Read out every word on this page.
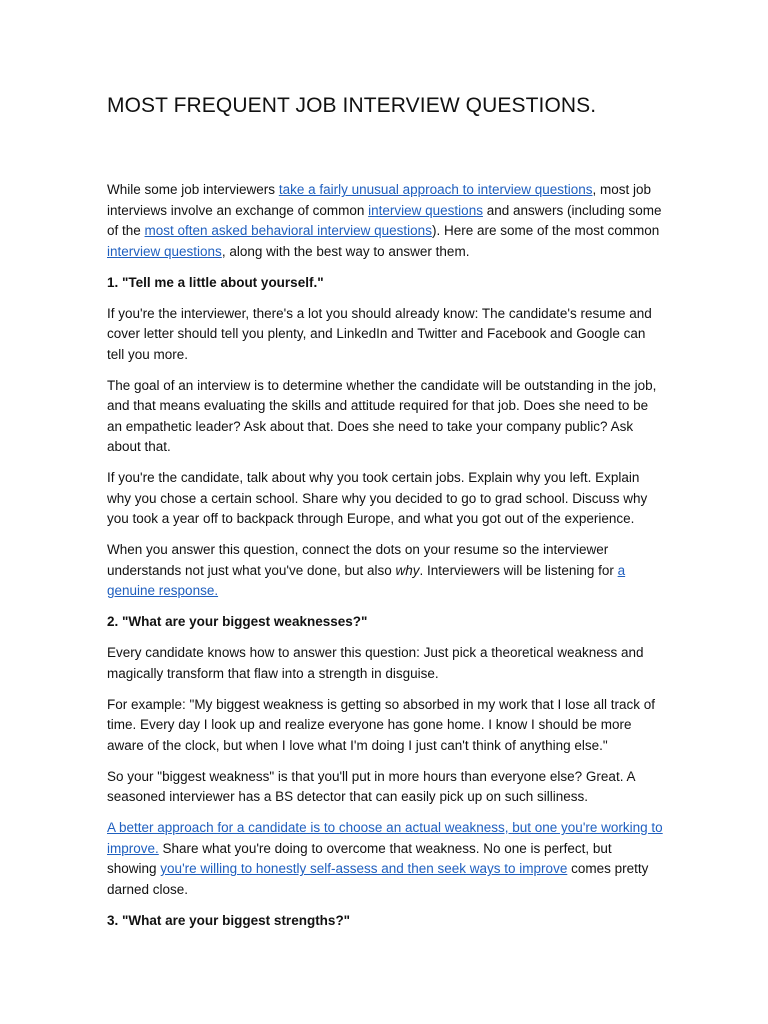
MOST FREQUENT JOB INTERVIEW QUESTIONS.

While some job interviewers take a fairly unusual approach to interview questions, most job interviews involve an exchange of common interview questions and answers (including some of the most often asked behavioral interview questions). Here are some of the most common interview questions, along with the best way to answer them.

1. "Tell me a little about yourself."

If you're the interviewer, there's a lot you should already know: The candidate's resume and cover letter should tell you plenty, and LinkedIn and Twitter and Facebook and Google can tell you more.

The goal of an interview is to determine whether the candidate will be outstanding in the job, and that means evaluating the skills and attitude required for that job. Does she need to be an empathetic leader? Ask about that. Does she need to take your company public? Ask about that.

If you're the candidate, talk about why you took certain jobs. Explain why you left. Explain why you chose a certain school. Share why you decided to go to grad school. Discuss why you took a year off to backpack through Europe, and what you got out of the experience.

When you answer this question, connect the dots on your resume so the interviewer understands not just what you've done, but also why. Interviewers will be listening for a genuine response.

2. "What are your biggest weaknesses?"

Every candidate knows how to answer this question: Just pick a theoretical weakness and magically transform that flaw into a strength in disguise.

For example: "My biggest weakness is getting so absorbed in my work that I lose all track of time. Every day I look up and realize everyone has gone home. I know I should be more aware of the clock, but when I love what I'm doing I just can't think of anything else."

So your "biggest weakness" is that you'll put in more hours than everyone else? Great. A seasoned interviewer has a BS detector that can easily pick up on such silliness.

A better approach for a candidate is to choose an actual weakness, but one you're working to improve. Share what you're doing to overcome that weakness. No one is perfect, but showing you're willing to honestly self-assess and then seek ways to improve comes pretty darned close.

3. "What are your biggest strengths?"
